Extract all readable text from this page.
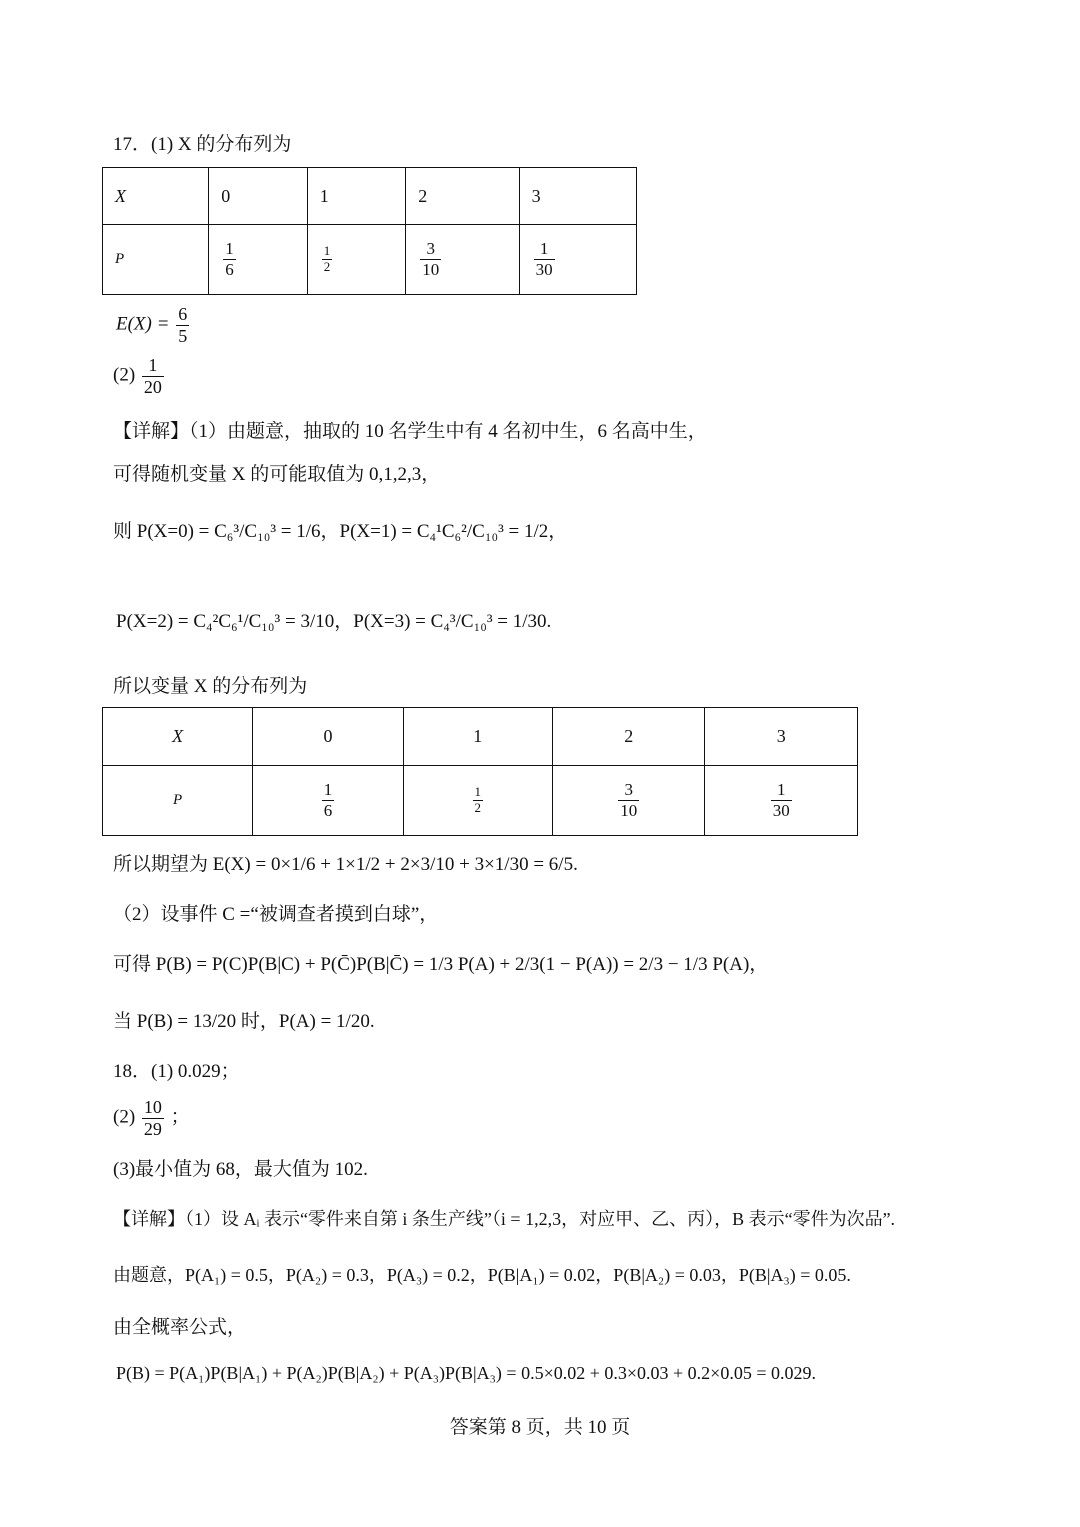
17．(1) X 的分布列为
X	0	1	2	3
P	$\frac{1}{6}$	$\frac{1}{2}$	$\frac{3}{10}$	$\frac{1}{30}$
$E(X) = \frac{6}{5}$
$(2) \frac{1}{20}$
【详解】（1）由题意，抽取的 10 名学生中有 4 名初中生，6 名高中生，
可得随机变量 X 的可能取值为 0,1,2,3，
则 P(X=0) = C₆³/C₁₀³ = 1/6，P(X=1) = C₄¹C₆²/C₁₀³ = 1/2，
P(X=2) = C₄²C₆¹/C₁₀³ = 3/10，P(X=3) = C₄³/C₁₀³ = 1/30.
所以变量 X 的分布列为
X	0	1	2	3
P	$\frac{1}{6}$	$\frac{1}{2}$	$\frac{3}{10}$	$\frac{1}{30}$
所以期望为 E(X) = 0×1/6 + 1×1/2 + 2×3/10 + 3×1/30 = 6/5.
（2）设事件 C =“被调查者摸到白球”，
可得 P(B) = P(C)P(B|C) + P(C̄)P(B|C̄) = 1/3 P(A) + 2/3(1 − P(A)) = 2/3 − 1/3 P(A)，
当 P(B) = 13/20 时，P(A) = 1/20.
18．(1) 0.029；
$(2) \frac{10}{29}$ ；
(3)最小值为 68，最大值为 102.
【详解】（1）设 Aᵢ 表示“零件来自第 i 条生产线”（i = 1,2,3，对应甲、乙、丙），B 表示“零件为次品”.
由题意，P(A₁) = 0.5，P(A₂) = 0.3，P(A₃) = 0.2，P(B|A₁) = 0.02，P(B|A₂) = 0.03，P(B|A₃) = 0.05.
由全概率公式，
P(B) = P(A₁)P(B|A₁) + P(A₂)P(B|A₂) + P(A₃)P(B|A₃) = 0.5×0.02 + 0.3×0.03 + 0.2×0.05 = 0.029.
答案第 8 页，共 10 页
